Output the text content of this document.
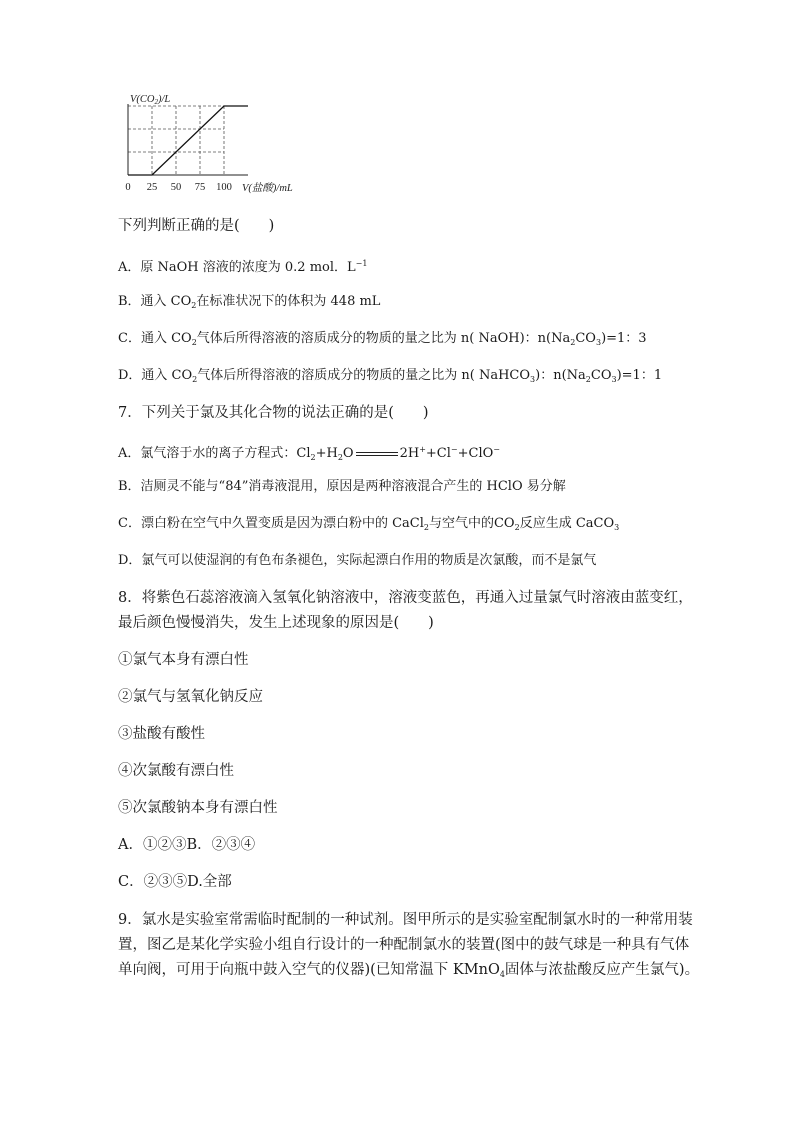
0 25 50 75 100
V(CO2)/L
V(盐酸)/mL
下列判断正确的是(　　)
A．原 NaOH 溶液的浓度为 0.2 mol．$L^{-1}$
B．通入 $CO_2$在标准状况下的体积为 448 mL
C．通入 $CO_2$气体后所得溶液的溶质成分的物质的量之比为 n( NaOH)：$n(Na_2CO_3)=1$：3
D．通入 $CO_2$气体后所得溶液的溶质成分的物质的量之比为 n( NaHCO$_3$)：$n(Na_2CO_3)=1$：1
7．下列关于氯及其化合物的说法正确的是(　　)
A．氯气溶于水的离子方程式：$Cl_2+H_2O$	2H++Cl−+ClO−
B．洁厕灵不能与“84”消毒液混用，原因是两种溶液混合产生的 HClO 易分解
C．漂白粉在空气中久置变质是因为漂白粉中的 CaCl$_2$与空气中的$CO_2$反应生成 CaCO$_3$
D．氯气可以使湿润的有色布条褪色，实际起漂白作用的物质是次氯酸，而不是氯气
8．将紫色石蕊溶液滴入氢氧化钠溶液中，溶液变蓝色，再通入过量氯气时溶液由蓝变红，
最后颜色慢慢消失，发生上述现象的原因是(　　)
①氯气本身有漂白性
②氯气与氢氧化钠反应
③盐酸有酸性
④次氯酸有漂白性
⑤次氯酸钠本身有漂白性
A．①②③B．②③④
C．②③⑤D.全部
9．氯水是实验室常需临时配制的一种试剂。图甲所示的是实验室配制氯水时的一种常用装
置，图乙是某化学实验小组自行设计的一种配制氯水的装置(图中的鼓气球是一种具有气体
单向阀，可用于向瓶中鼓入空气的仪器)(已知常温下 KMnO$_4$固体与浓盐酸反应产生氯气)。
